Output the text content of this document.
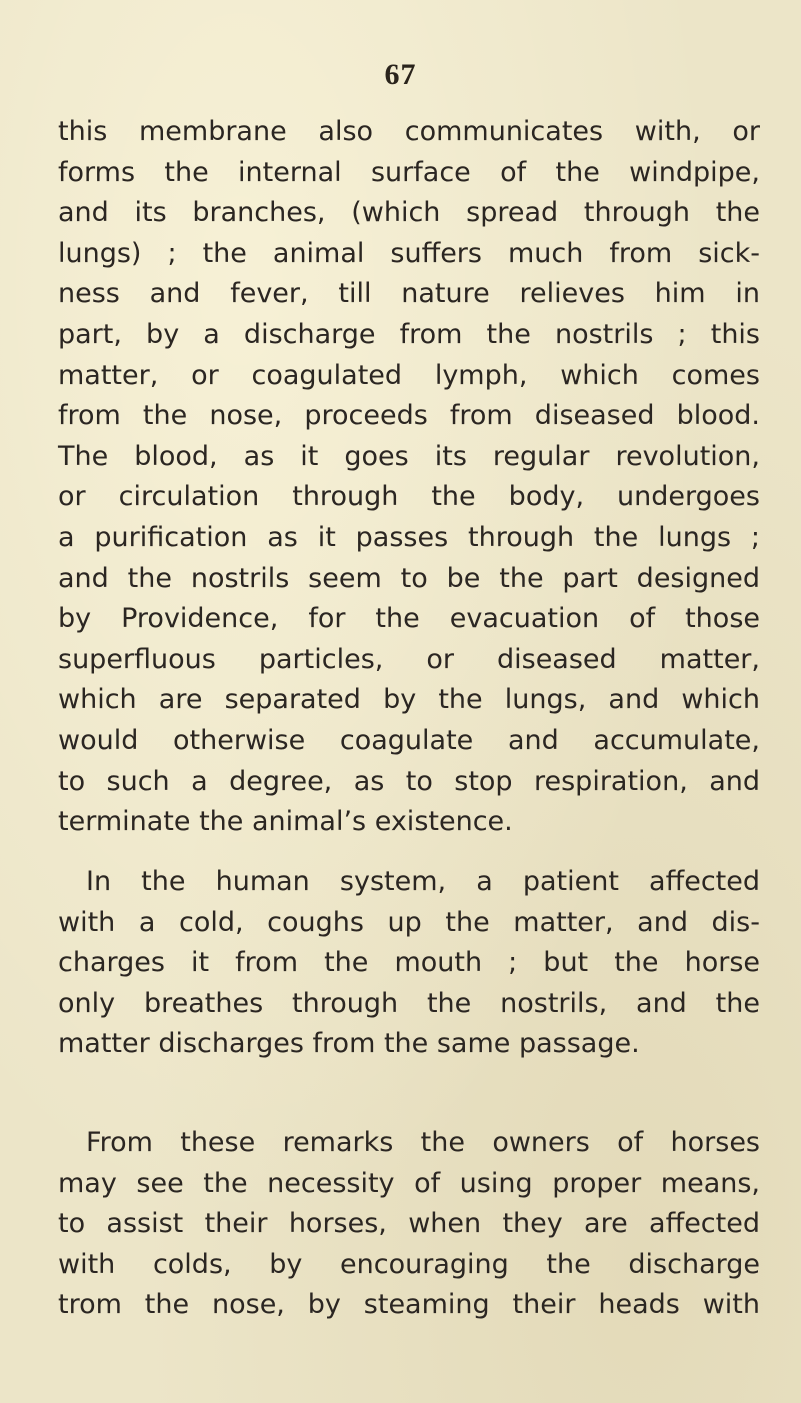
67
this membrane also communicates with, or
forms the internal surface of the windpipe,
and its branches, (which spread through the
lungs) ; the animal suffers much from sick-
ness and fever, till nature relieves him in
part, by a discharge from the nostrils ; this
matter, or coagulated lymph, which comes
from the nose, proceeds from diseased blood.
The blood, as it goes its regular revolution,
or circulation through the body, undergoes
a purification as it passes through the lungs ;
and the nostrils seem to be the part designed
by Providence, for the evacuation of those
superfluous particles, or diseased matter,
which are separated by the lungs, and which
would otherwise coagulate and accumulate,
to such a degree, as to stop respiration, and
terminate the animal’s existence.
In the human system, a patient affected
with a cold, coughs up the matter, and dis-
charges it from the mouth ; but the horse
only breathes through the nostrils, and the
matter discharges from the same passage.
From these remarks the owners of horses
may see the necessity of using proper means,
to assist their horses, when they are affected
with colds, by encouraging the discharge
trom the nose, by steaming their heads with
